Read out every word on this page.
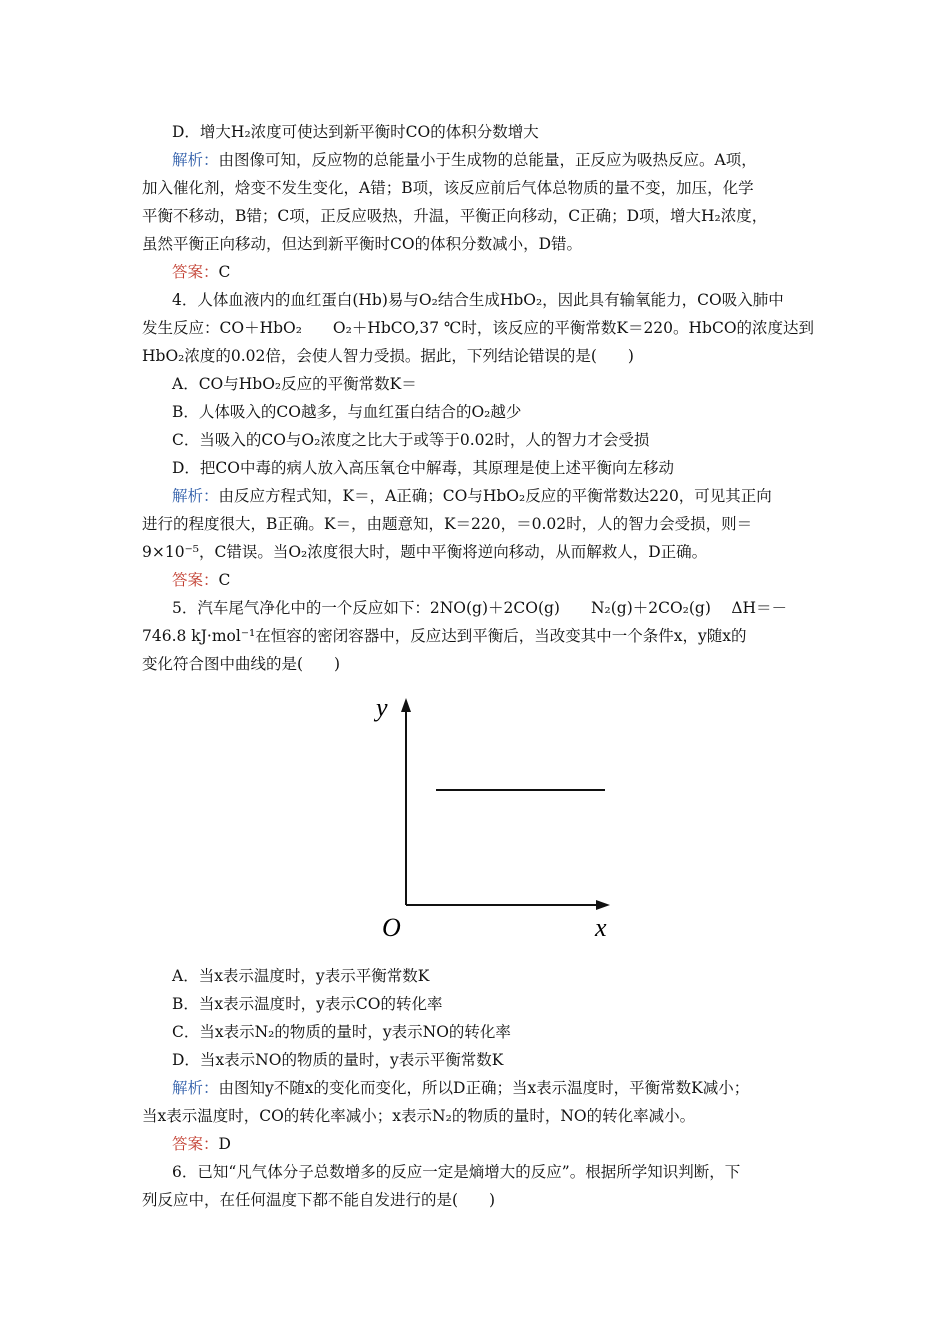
D．增大H₂浓度可使达到新平衡时CO的体积分数增大
解析：由图像可知，反应物的总能量小于生成物的总能量，正反应为吸热反应。A项，
加入催化剂，焓变不发生变化，A错；B项，该反应前后气体总物质的量不变，加压，化学
平衡不移动，B错；C项，正反应吸热，升温，平衡正向移动，C正确；D项，增大H₂浓度，
虽然平衡正向移动，但达到新平衡时CO的体积分数减小，D错。
答案：C
4．人体血液内的血红蛋白(Hb)易与O₂结合生成HbO₂，因此具有输氧能力，CO吸入肺中
发生反应：CO＋HbO₂　　O₂＋HbCO,37 ℃时，该反应的平衡常数K＝220。HbCO的浓度达到
HbO₂浓度的0.02倍，会使人智力受损。据此，下列结论错误的是(　　)
A．CO与HbO₂反应的平衡常数K＝
B．人体吸入的CO越多，与血红蛋白结合的O₂越少
C．当吸入的CO与O₂浓度之比大于或等于0.02时，人的智力才会受损
D．把CO中毒的病人放入高压氧仓中解毒，其原理是使上述平衡向左移动
解析：由反应方程式知，K＝，A正确；CO与HbO₂反应的平衡常数达220，可见其正向
进行的程度很大，B正确。K＝，由题意知，K＝220，＝0.02时，人的智力会受损，则＝
9×10⁻⁵，C错误。当O₂浓度很大时，题中平衡将逆向移动，从而解救人，D正确。
答案：C
5．汽车尾气净化中的一个反应如下：2NO(g)＋2CO(g)　　N₂(g)＋2CO₂(g)　 ΔH＝－
746.8 kJ·mol⁻¹在恒容的密闭容器中，反应达到平衡后，当改变其中一个条件x，y随x的
变化符合图中曲线的是(　　)
y
x
O
A．当x表示温度时，y表示平衡常数K
B．当x表示温度时，y表示CO的转化率
C．当x表示N₂的物质的量时，y表示NO的转化率
D．当x表示NO的物质的量时，y表示平衡常数K
解析：由图知y不随x的变化而变化，所以D正确；当x表示温度时，平衡常数K减小；
当x表示温度时，CO的转化率减小；x表示N₂的物质的量时，NO的转化率减小。
答案：D
6．已知“凡气体分子总数增多的反应一定是熵增大的反应”。根据所学知识判断，下
列反应中，在任何温度下都不能自发进行的是(　　)
